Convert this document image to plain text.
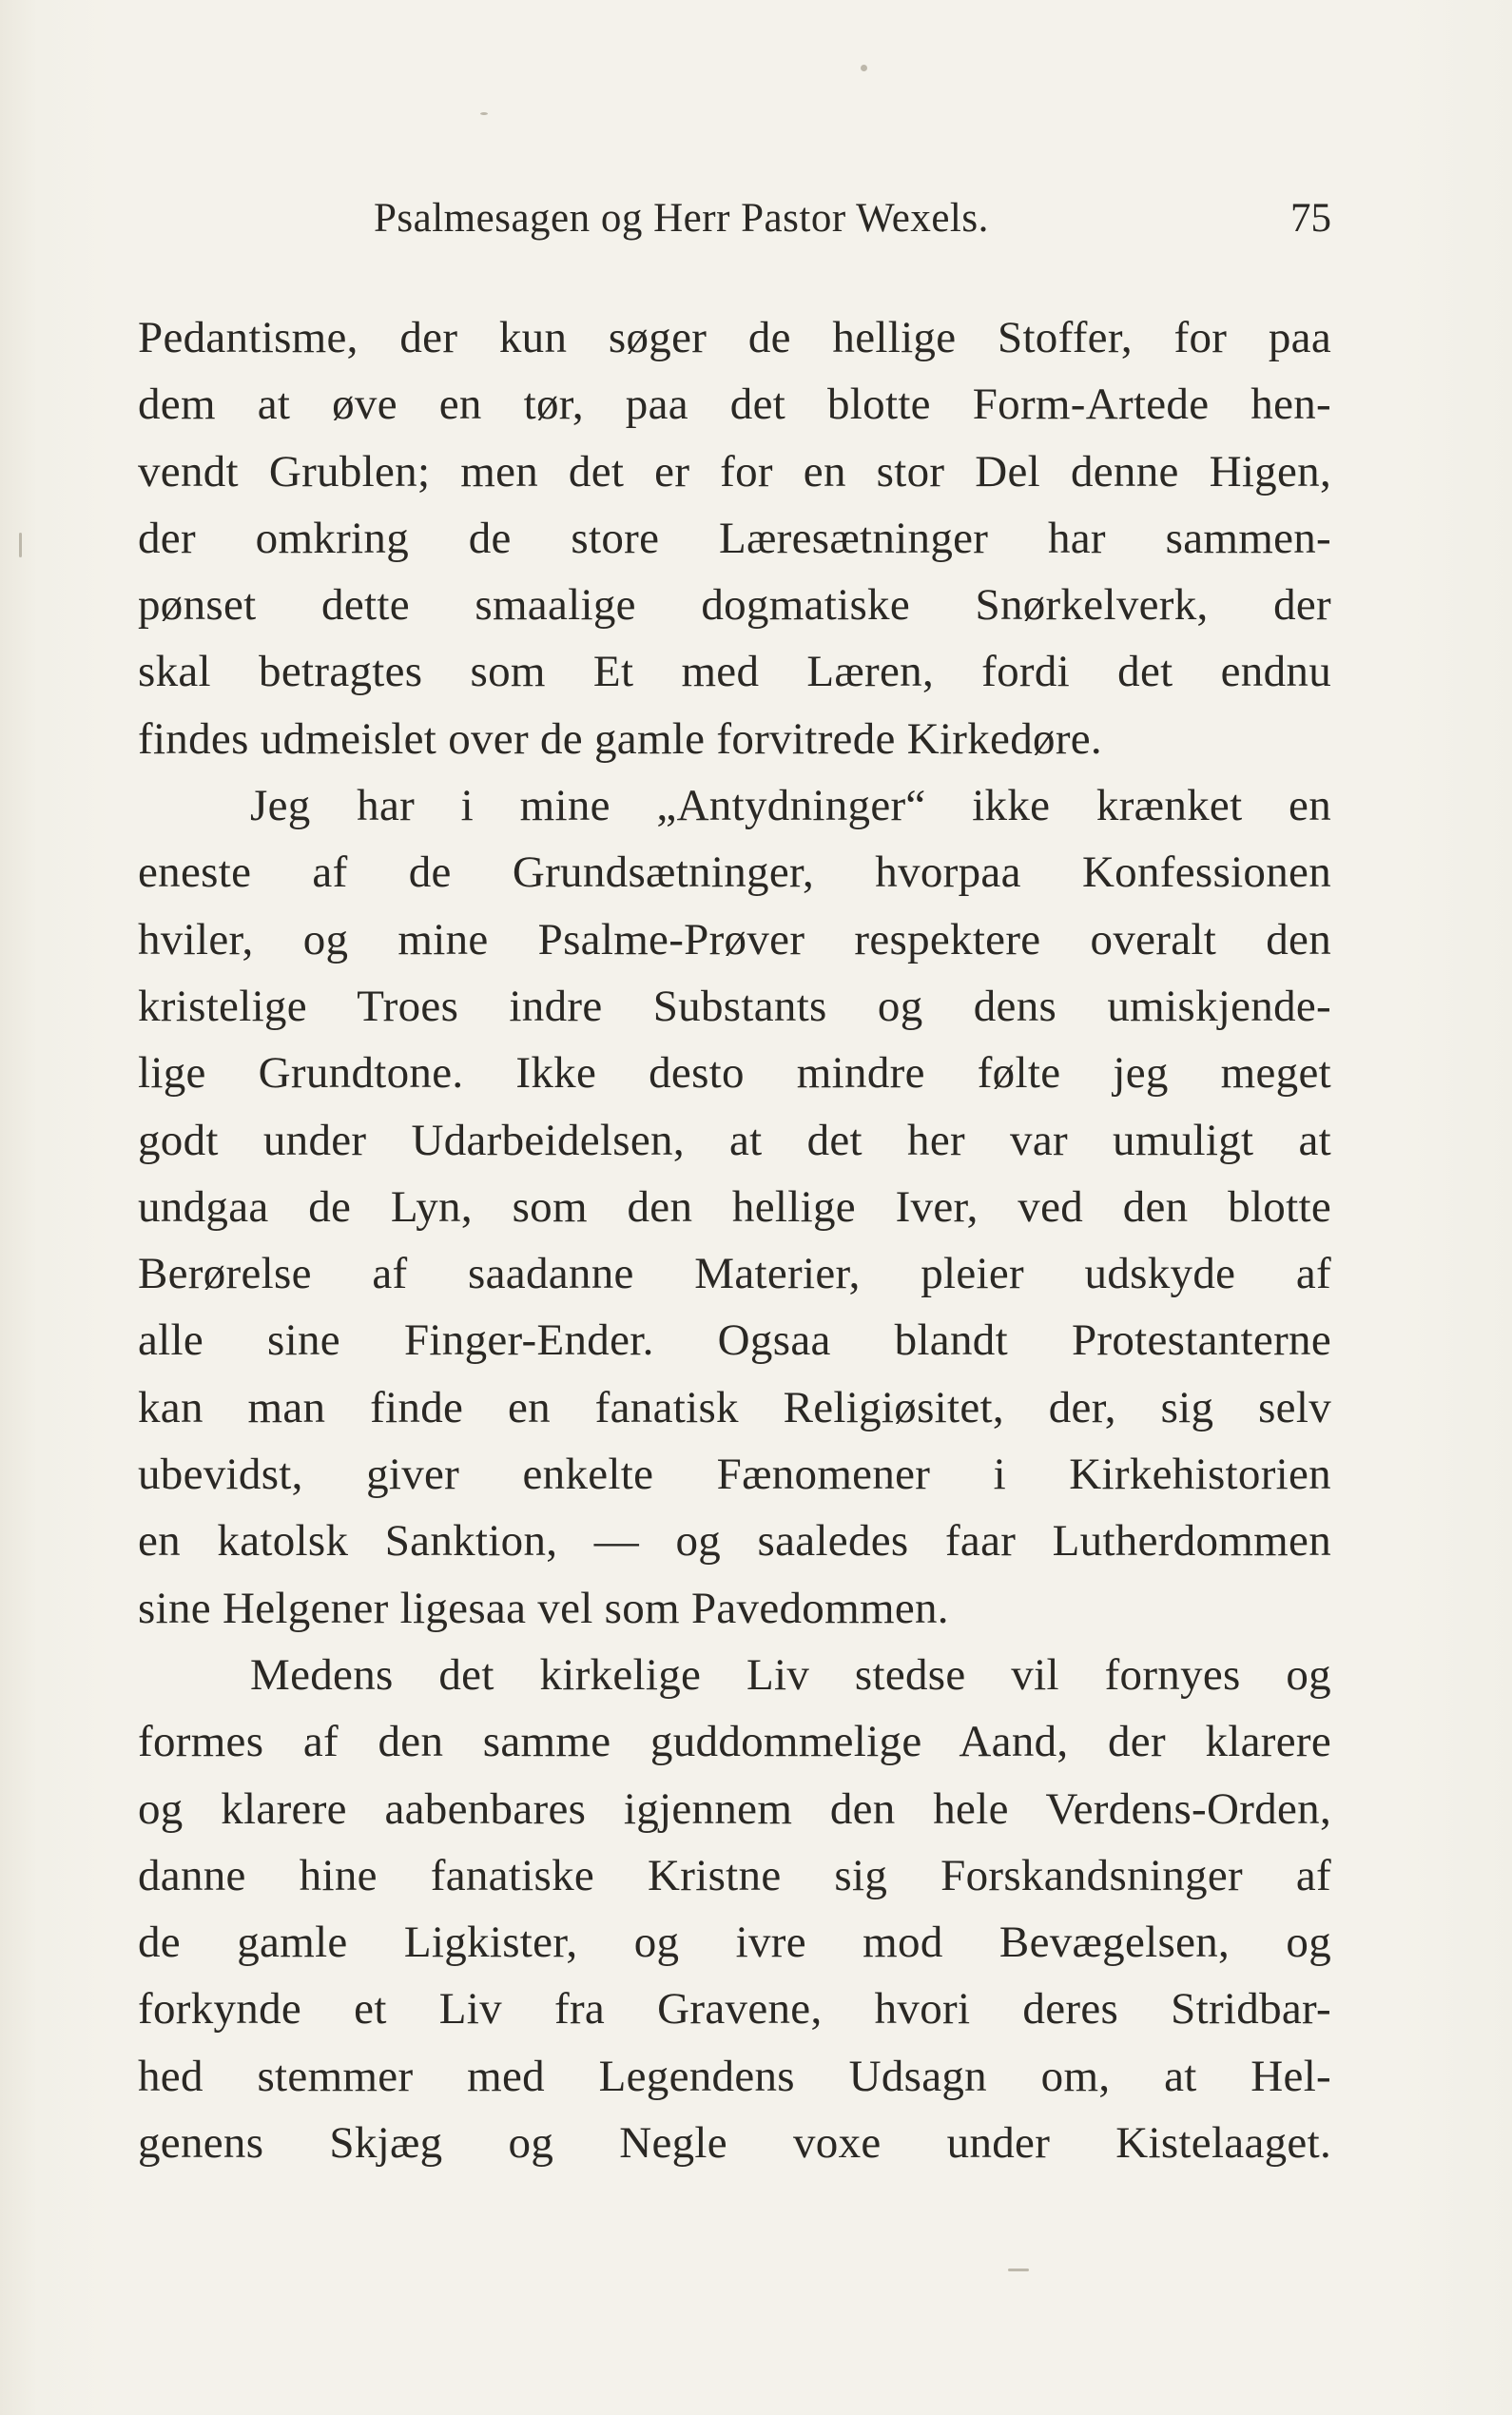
Psalmesagen og Herr Pastor Wexels.	75
Pedantisme, der kun søger de hellige Stoffer, for paa
dem at øve en tør, paa det blotte Form-Artede hen-
vendt Grublen; men det er for en stor Del denne Higen,
der omkring de store Læresætninger har sammen-
pønset dette smaalige dogmatiske Snørkelverk, der
skal betragtes som Et med Læren, fordi det endnu
findes udmeislet over de gamle forvitrede Kirkedøre.
Jeg har i mine „Antydninger“ ikke krænket en
eneste af de Grundsætninger, hvorpaa Konfessionen
hviler, og mine Psalme-Prøver respektere overalt den
kristelige Troes indre Substants og dens umiskjende-
lige Grundtone. Ikke desto mindre følte jeg meget
godt under Udarbeidelsen, at det her var umuligt at
undgaa de Lyn, som den hellige Iver, ved den blotte
Berørelse af saadanne Materier, pleier udskyde af
alle sine Finger-Ender. Ogsaa blandt Protestanterne
kan man finde en fanatisk Religiøsitet, der, sig selv
ubevidst, giver enkelte Fænomener i Kirkehistorien
en katolsk Sanktion, — og saaledes faar Lutherdommen
sine Helgener ligesaa vel som Pavedommen.
Medens det kirkelige Liv stedse vil fornyes og
formes af den samme guddommelige Aand, der klarere
og klarere aabenbares igjennem den hele Verdens-Orden,
danne hine fanatiske Kristne sig Forskandsninger af
de gamle Ligkister, og ivre mod Bevægelsen, og
forkynde et Liv fra Gravene, hvori deres Stridbar-
hed stemmer med Legendens Udsagn om, at Hel-
genens Skjæg og Negle voxe under Kistelaaget.
